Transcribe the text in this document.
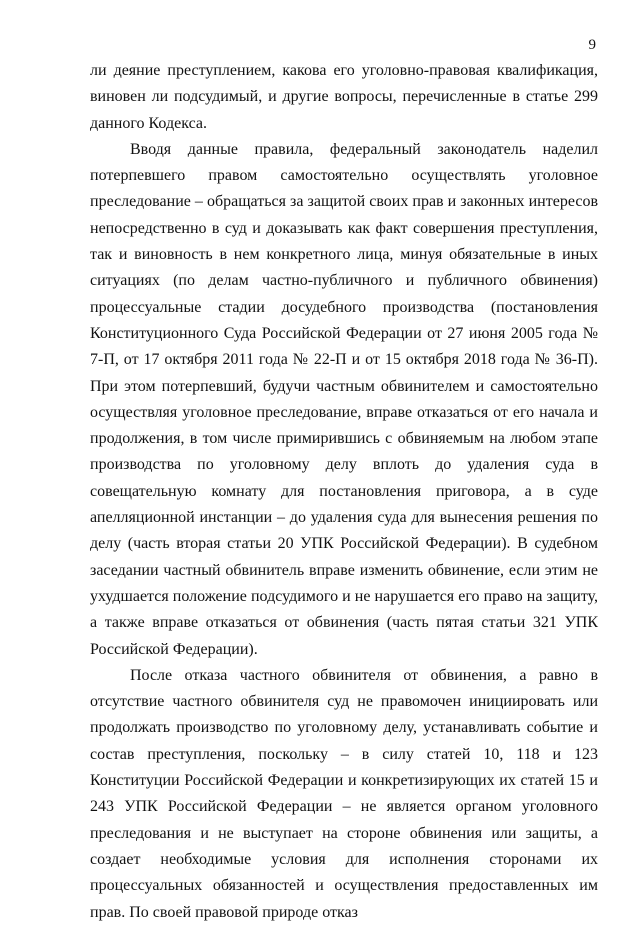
9

ли деяние преступлением, какова его уголовно-правовая квалификация, виновен ли подсудимый, и другие вопросы, перечисленные в статье 299 данного Кодекса.

Вводя данные правила, федеральный законодатель наделил потерпевшего правом самостоятельно осуществлять уголовное преследование – обращаться за защитой своих прав и законных интересов непосредственно в суд и доказывать как факт совершения преступления, так и виновность в нем конкретного лица, минуя обязательные в иных ситуациях (по делам частно-публичного и публичного обвинения) процессуальные стадии досудебного производства (постановления Конституционного Суда Российской Федерации от 27 июня 2005 года № 7-П, от 17 октября 2011 года № 22-П и от 15 октября 2018 года № 36-П). При этом потерпевший, будучи частным обвинителем и самостоятельно осуществляя уголовное преследование, вправе отказаться от его начала и продолжения, в том числе примирившись с обвиняемым на любом этапе производства по уголовному делу вплоть до удаления суда в совещательную комнату для постановления приговора, а в суде апелляционной инстанции – до удаления суда для вынесения решения по делу (часть вторая статьи 20 УПК Российской Федерации). В судебном заседании частный обвинитель вправе изменить обвинение, если этим не ухудшается положение подсудимого и не нарушается его право на защиту, а также вправе отказаться от обвинения (часть пятая статьи 321 УПК Российской Федерации).

После отказа частного обвинителя от обвинения, а равно в отсутствие частного обвинителя суд не правомочен инициировать или продолжать производство по уголовному делу, устанавливать событие и состав преступления, поскольку – в силу статей 10, 118 и 123 Конституции Российской Федерации и конкретизирующих их статей 15 и 243 УПК Российской Федерации – не является органом уголовного преследования и не выступает на стороне обвинения или защиты, а создает необходимые условия для исполнения сторонами их процессуальных обязанностей и осуществления предоставленных им прав. По своей правовой природе отказ
